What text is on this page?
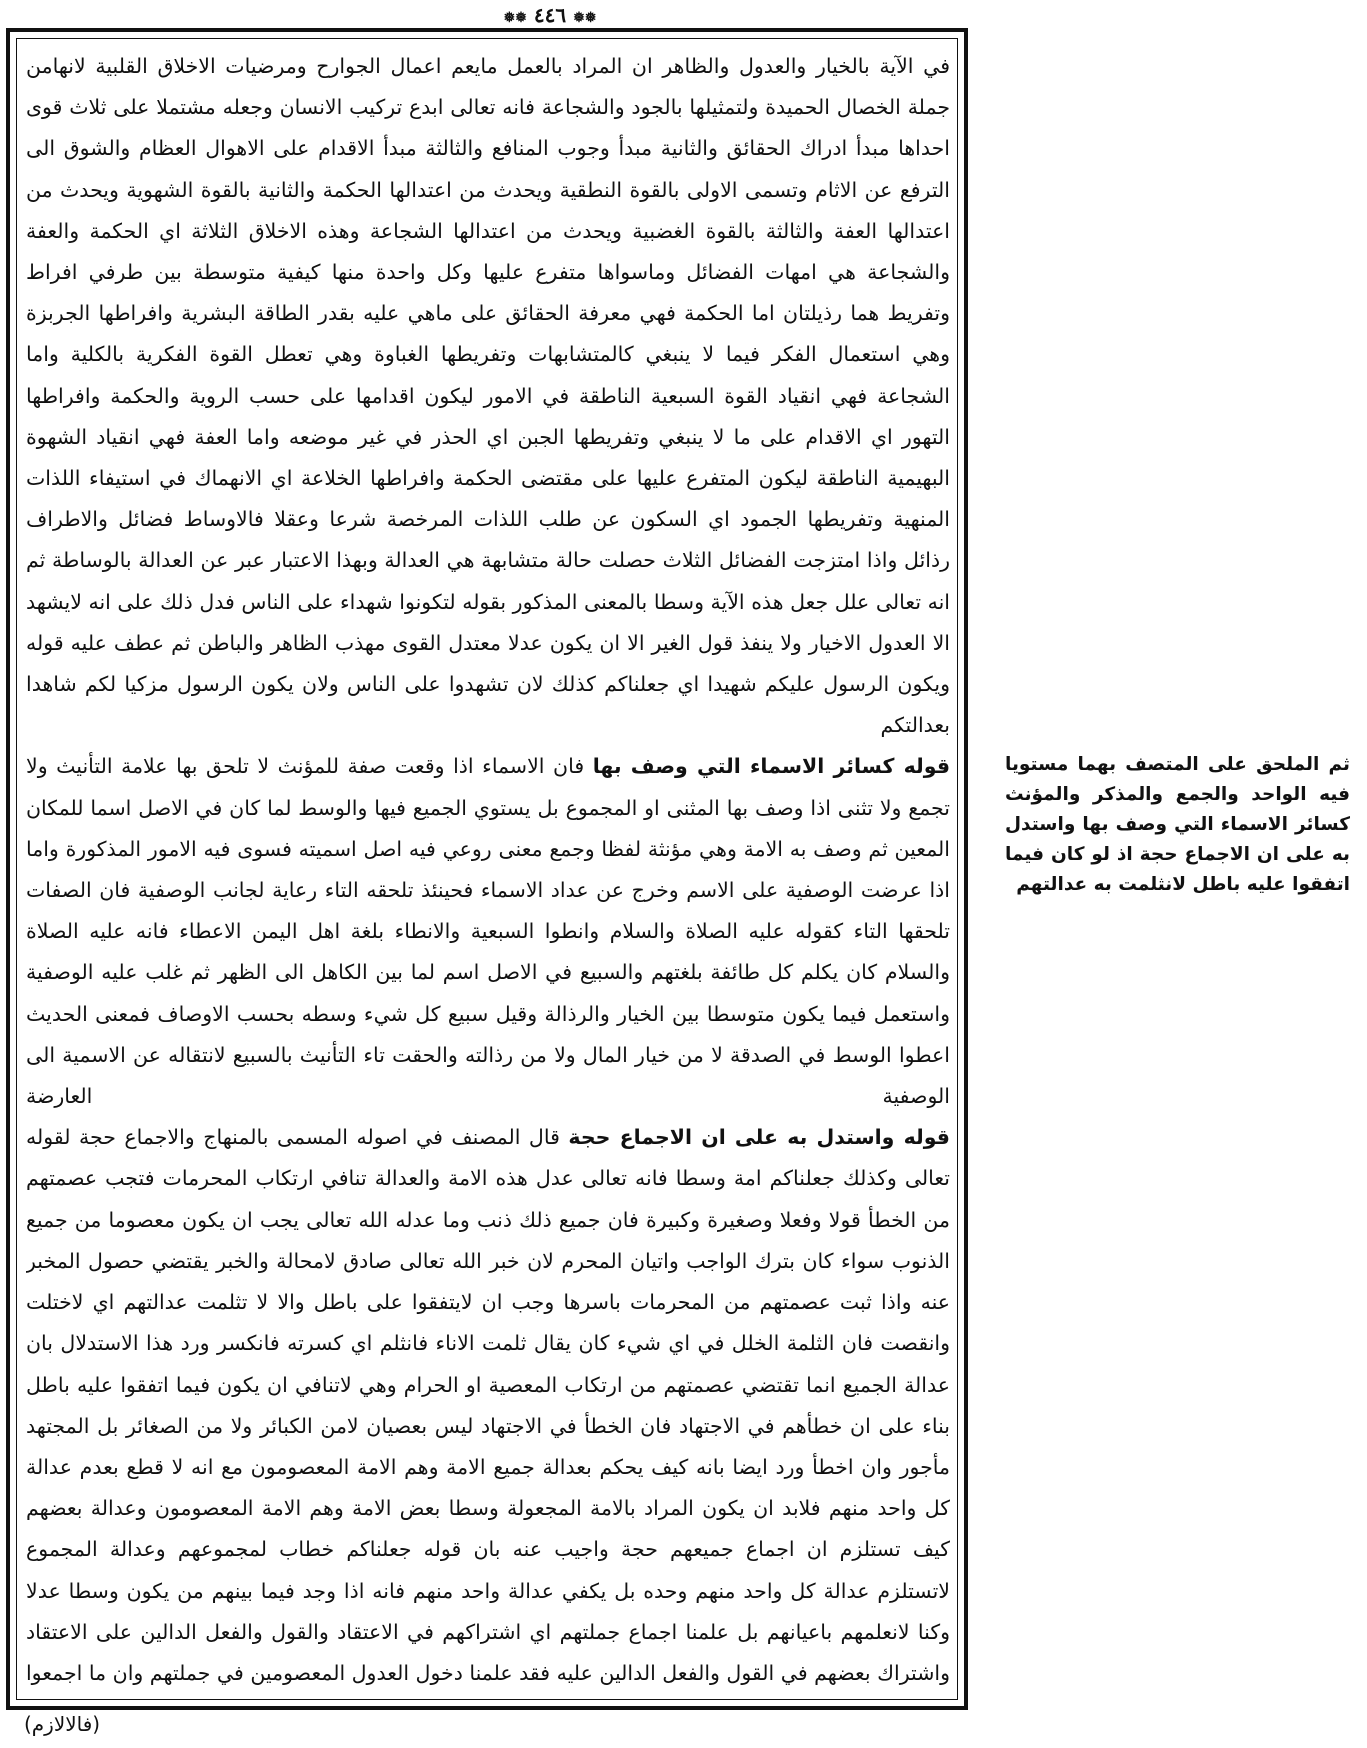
❅❅ ٤٤٦ ❅❅

في الآية بالخيار والعدول والظاهر ان المراد بالعمل مايعم اعمال الجوارح ومرضيات الاخلاق القلبية لانهامن جملة الخصال الحميدة ولتمثيلها بالجود والشجاعة فانه تعالى ابدع تركيب الانسان وجعله مشتملا على ثلاث قوى احداها مبدأ ادراك الحقائق والثانية مبدأ وجوب المنافع والثالثة مبدأ الاقدام على الاهوال العظام والشوق الى الترفع عن الاثام وتسمى الاولى بالقوة النطقية ويحدث من اعتدالها الحكمة والثانية بالقوة الشهوية ويحدث من اعتدالها العفة والثالثة بالقوة الغضبية ويحدث من اعتدالها الشجاعة وهذه الاخلاق الثلاثة اي الحكمة والعفة والشجاعة هي امهات الفضائل وماسواها متفرع عليها وكل واحدة منها كيفية متوسطة بين طرفي افراط وتفريط هما رذيلتان اما الحكمة فهي معرفة الحقائق على ماهي عليه بقدر الطاقة البشرية وافراطها الجربزة وهي استعمال الفكر فيما لا ينبغي كالمتشابهات وتفريطها الغباوة وهي تعطل القوة الفكرية بالكلية واما الشجاعة فهي انقياد القوة السبعية الناطقة في الامور ليكون اقدامها على حسب الروية والحكمة وافراطها التهور اي الاقدام على ما لا ينبغي وتفريطها الجبن اي الحذر في غير موضعه واما العفة فهي انقياد الشهوة البهيمية الناطقة ليكون المتفرع عليها على مقتضى الحكمة وافراطها الخلاعة اي الانهماك في استيفاء اللذات المنهية وتفريطها الجمود اي السكون عن طلب اللذات المرخصة شرعا وعقلا فالاوساط فضائل والاطراف رذائل واذا امتزجت الفضائل الثلاث حصلت حالة متشابهة هي العدالة وبهذا الاعتبار عبر عن العدالة بالوساطة ثم انه تعالى علل جعل هذه الآية وسطا بالمعنى المذكور بقوله لتكونوا شهداء على الناس فدل ذلك على انه لايشهد الا العدول الاخيار ولا ينفذ قول الغير الا ان يكون عدلا معتدل القوى مهذب الظاهر والباطن ثم عطف عليه قوله ويكون الرسول عليكم شهيدا اي جعلناكم كذلك لان تشهدوا على الناس ولان يكون الرسول مزكيا لكم شاهدا بعدالتكم

قوله كسائر الاسماء التي وصف بها فان الاسماء اذا وقعت صفة للمؤنث لا تلحق بها علامة التأنيث ولا تجمع ولا تثنى اذا وصف بها المثنى او المجموع بل يستوي الجميع فيها والوسط لما كان في الاصل اسما للمكان المعين ثم وصف به الامة وهي مؤنثة لفظا وجمع معنى روعي فيه اصل اسميته فسوى فيه الامور المذكورة واما اذا عرضت الوصفية على الاسم وخرج عن عداد الاسماء فحينئذ تلحقه التاء رعاية لجانب الوصفية فان الصفات تلحقها التاء كقوله عليه الصلاة والسلام وانطوا السبعية والانطاء بلغة اهل اليمن الاعطاء فانه عليه الصلاة والسلام كان يكلم كل طائفة بلغتهم والسبيع في الاصل اسم لما بين الكاهل الى الظهر ثم غلب عليه الوصفية واستعمل فيما يكون متوسطا بين الخيار والرذالة وقيل سبيع كل شيء وسطه بحسب الاوصاف فمعنى الحديث اعطوا الوسط في الصدقة لا من خيار المال ولا من رذالته والحقت تاء التأنيث بالسبيع لانتقاله عن الاسمية الى الوصفية العارضة

قوله واستدل به على ان الاجماع حجة قال المصنف في اصوله المسمى بالمنهاج والاجماع حجة لقوله تعالى وكذلك جعلناكم امة وسطا فانه تعالى عدل هذه الامة والعدالة تنافي ارتكاب المحرمات فتجب عصمتهم من الخطأ قولا وفعلا وصغيرة وكبيرة فان جميع ذلك ذنب وما عدله الله تعالى يجب ان يكون معصوما من جميع الذنوب سواء كان بترك الواجب واتيان المحرم لان خبر الله تعالى صادق لامحالة والخبر يقتضي حصول المخبر عنه واذا ثبت عصمتهم من المحرمات باسرها وجب ان لايتفقوا على باطل والا لا تثلمت عدالتهم اي لاختلت وانقصت فان الثلمة الخلل في اي شيء كان يقال ثلمت الاناء فانثلم اي كسرته فانكسر ورد هذا الاستدلال بان عدالة الجميع انما تقتضي عصمتهم من ارتكاب المعصية او الحرام وهي لاتنافي ان يكون فيما اتفقوا عليه باطل بناء على ان خطأهم في الاجتهاد فان الخطأ في الاجتهاد ليس بعصيان لامن الكبائر ولا من الصغائر بل المجتهد مأجور وان اخطأ ورد ايضا بانه كيف يحكم بعدالة جميع الامة وهم الامة المعصومون مع انه لا قطع بعدم عدالة كل واحد منهم فلابد ان يكون المراد بالامة المجعولة وسطا بعض الامة وهم الامة المعصومون وعدالة بعضهم كيف تستلزم ان اجماع جميعهم حجة واجيب عنه بان قوله جعلناكم خطاب لمجموعهم وعدالة المجموع لاتستلزم عدالة كل واحد منهم وحده بل يكفي عدالة واحد منهم فانه اذا وجد فيما بينهم من يكون وسطا عدلا وكنا لانعلمهم باعيانهم بل علمنا اجماع جملتهم اي اشتراكهم في الاعتقاد والقول والفعل الدالين على الاعتقاد واشتراك بعضهم في القول والفعل الدالين عليه فقد علمنا دخول العدول المعصومين في جملتهم وان ما اجمعوا

ثم الملحق على المتصف بهما مستويا فيه الواحد والجمع والمذكر والمؤنث كسائر الاسماء التي وصف بها واستدل به على ان الاجماع حجة اذ لو كان فيما اتفقوا عليه باطل لانثلمت به عدالتهم
(فالالازم)
